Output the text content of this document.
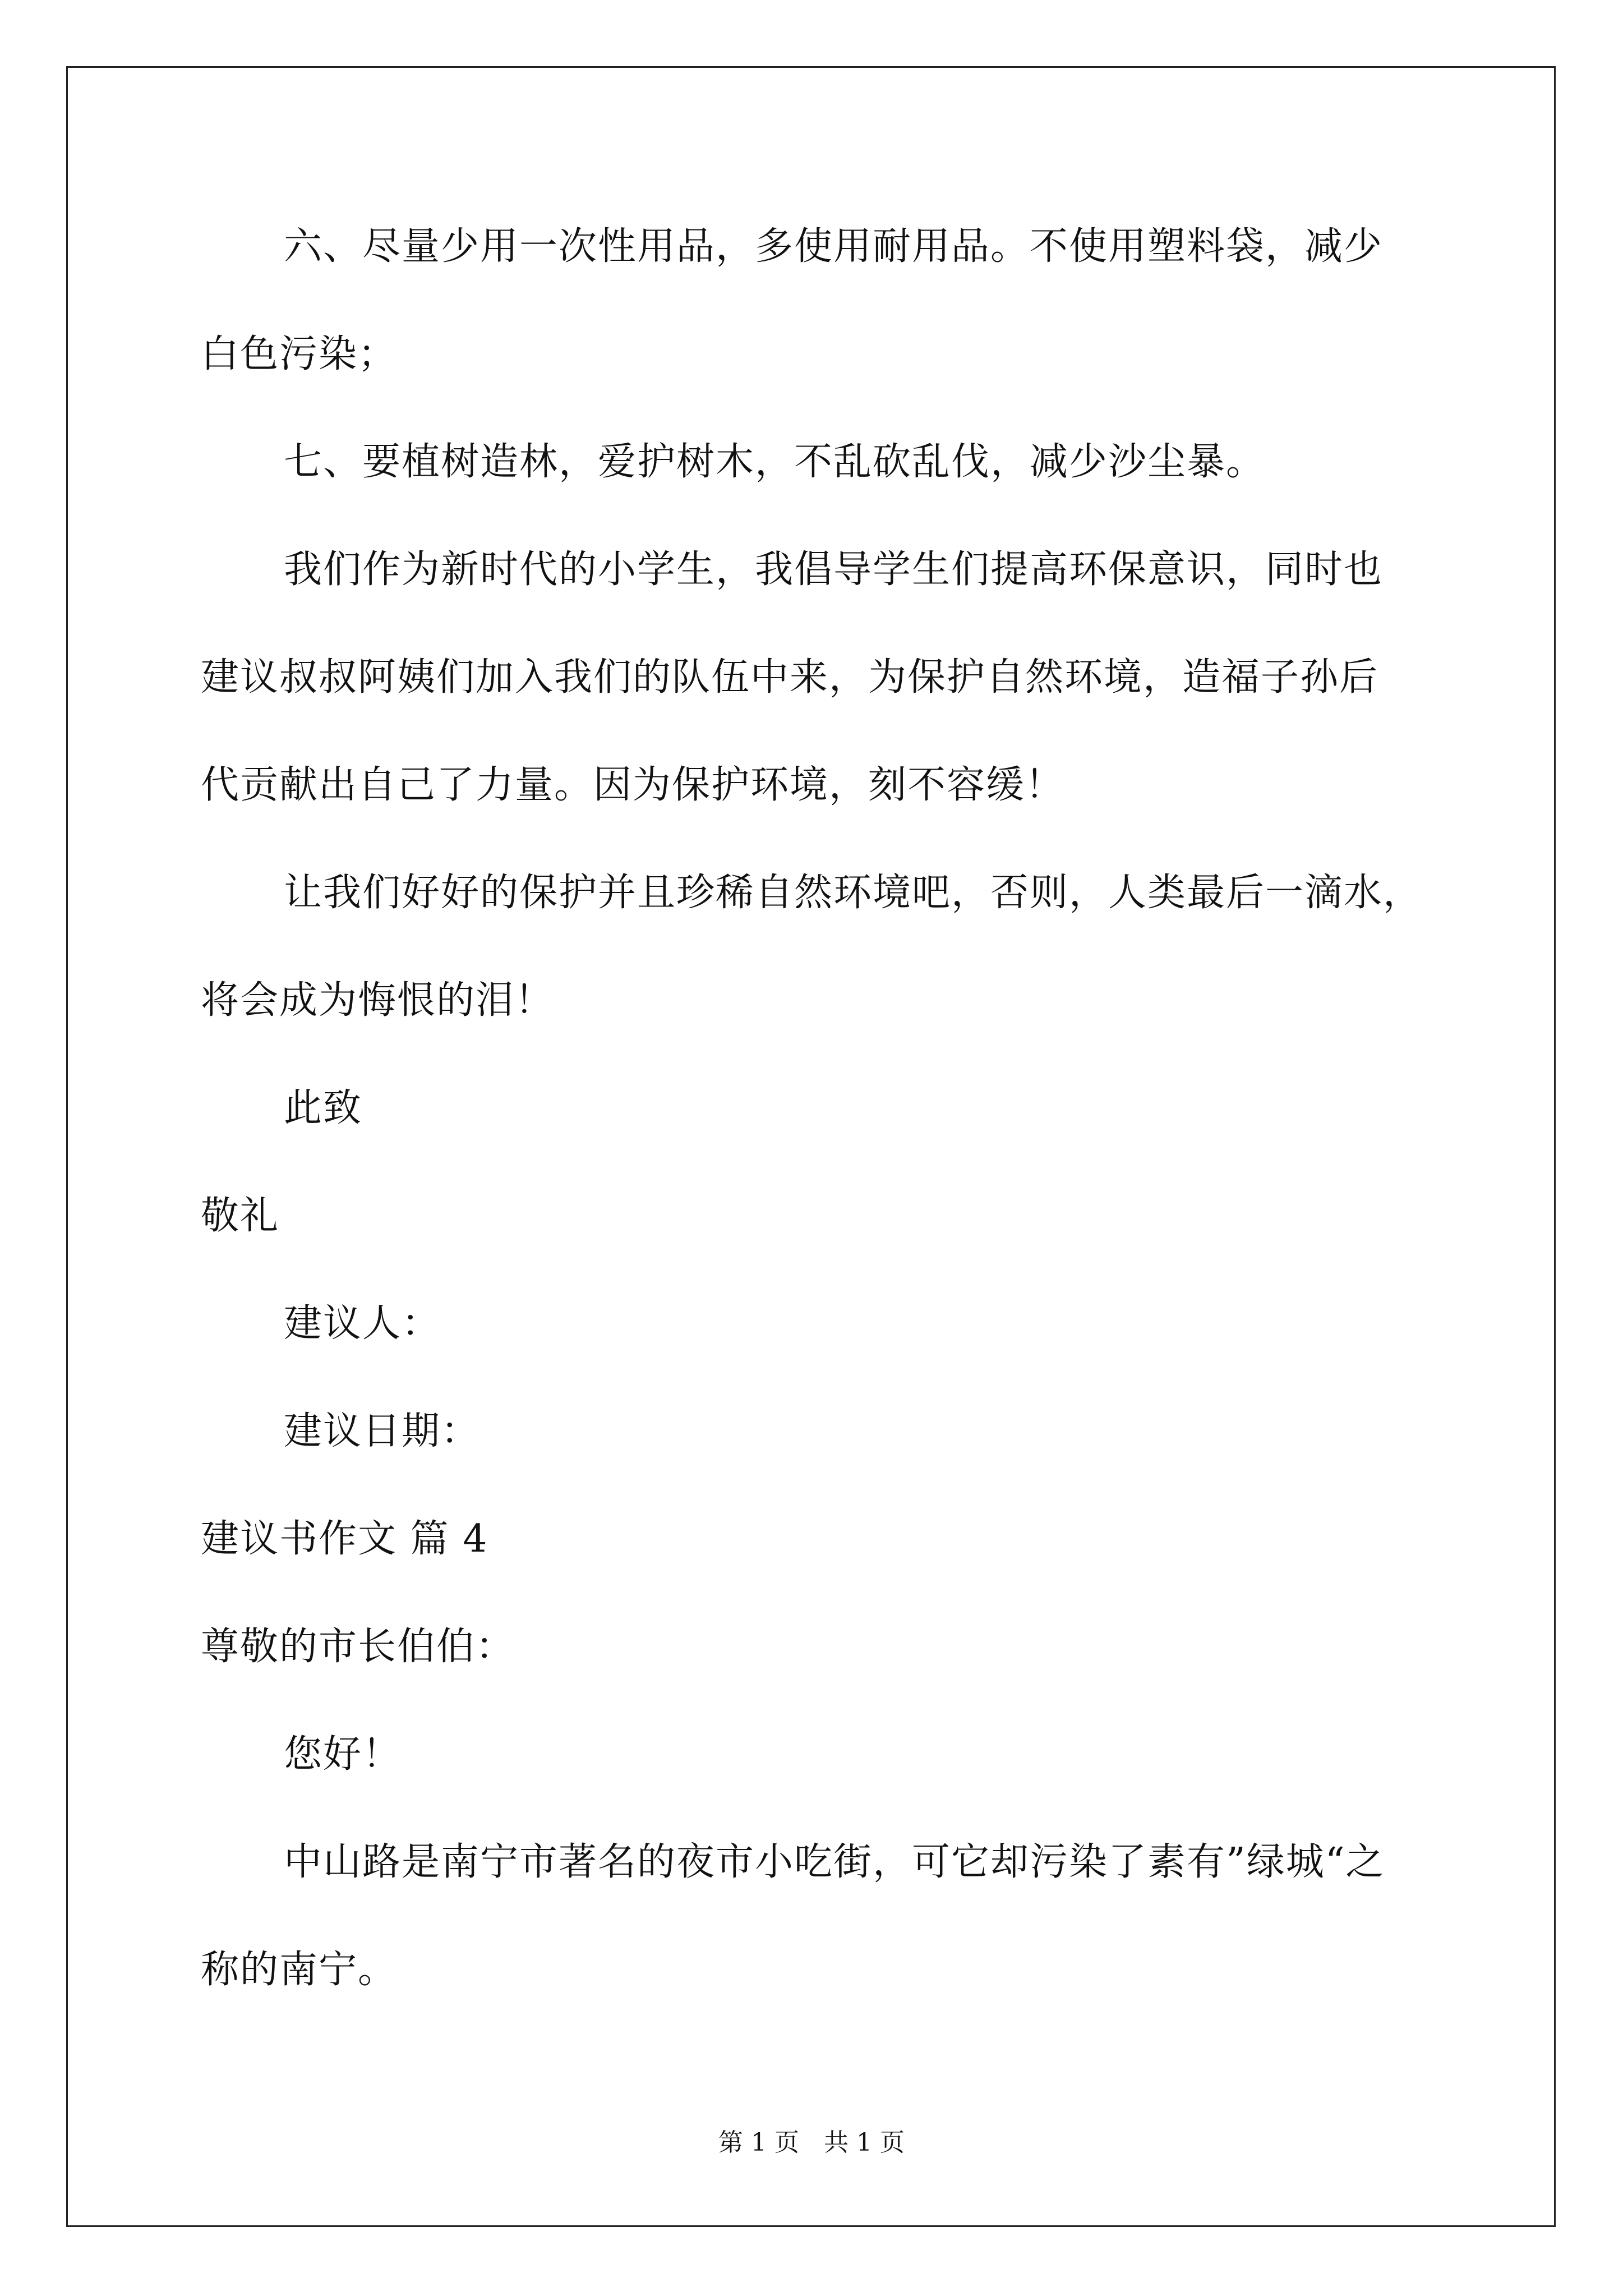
六、尽量少用一次性用品，多使用耐用品。不使用塑料袋，减少
白色污染；
七、要植树造林，爱护树木，不乱砍乱伐，减少沙尘暴。
我们作为新时代的小学生，我倡导学生们提高环保意识，同时也
建议叔叔阿姨们加入我们的队伍中来，为保护自然环境，造福子孙后
代贡献出自己了力量。因为保护环境，刻不容缓！
让我们好好的保护并且珍稀自然环境吧，否则，人类最后一滴水，
将会成为悔恨的泪！
此致
敬礼
建议人：
建议日期：
建议书作文 篇 4
尊敬的市长伯伯：
您好！
中山路是南宁市著名的夜市小吃街，可它却污染了素有”绿城“之
称的南宁。
第 1 页　共 1 页
